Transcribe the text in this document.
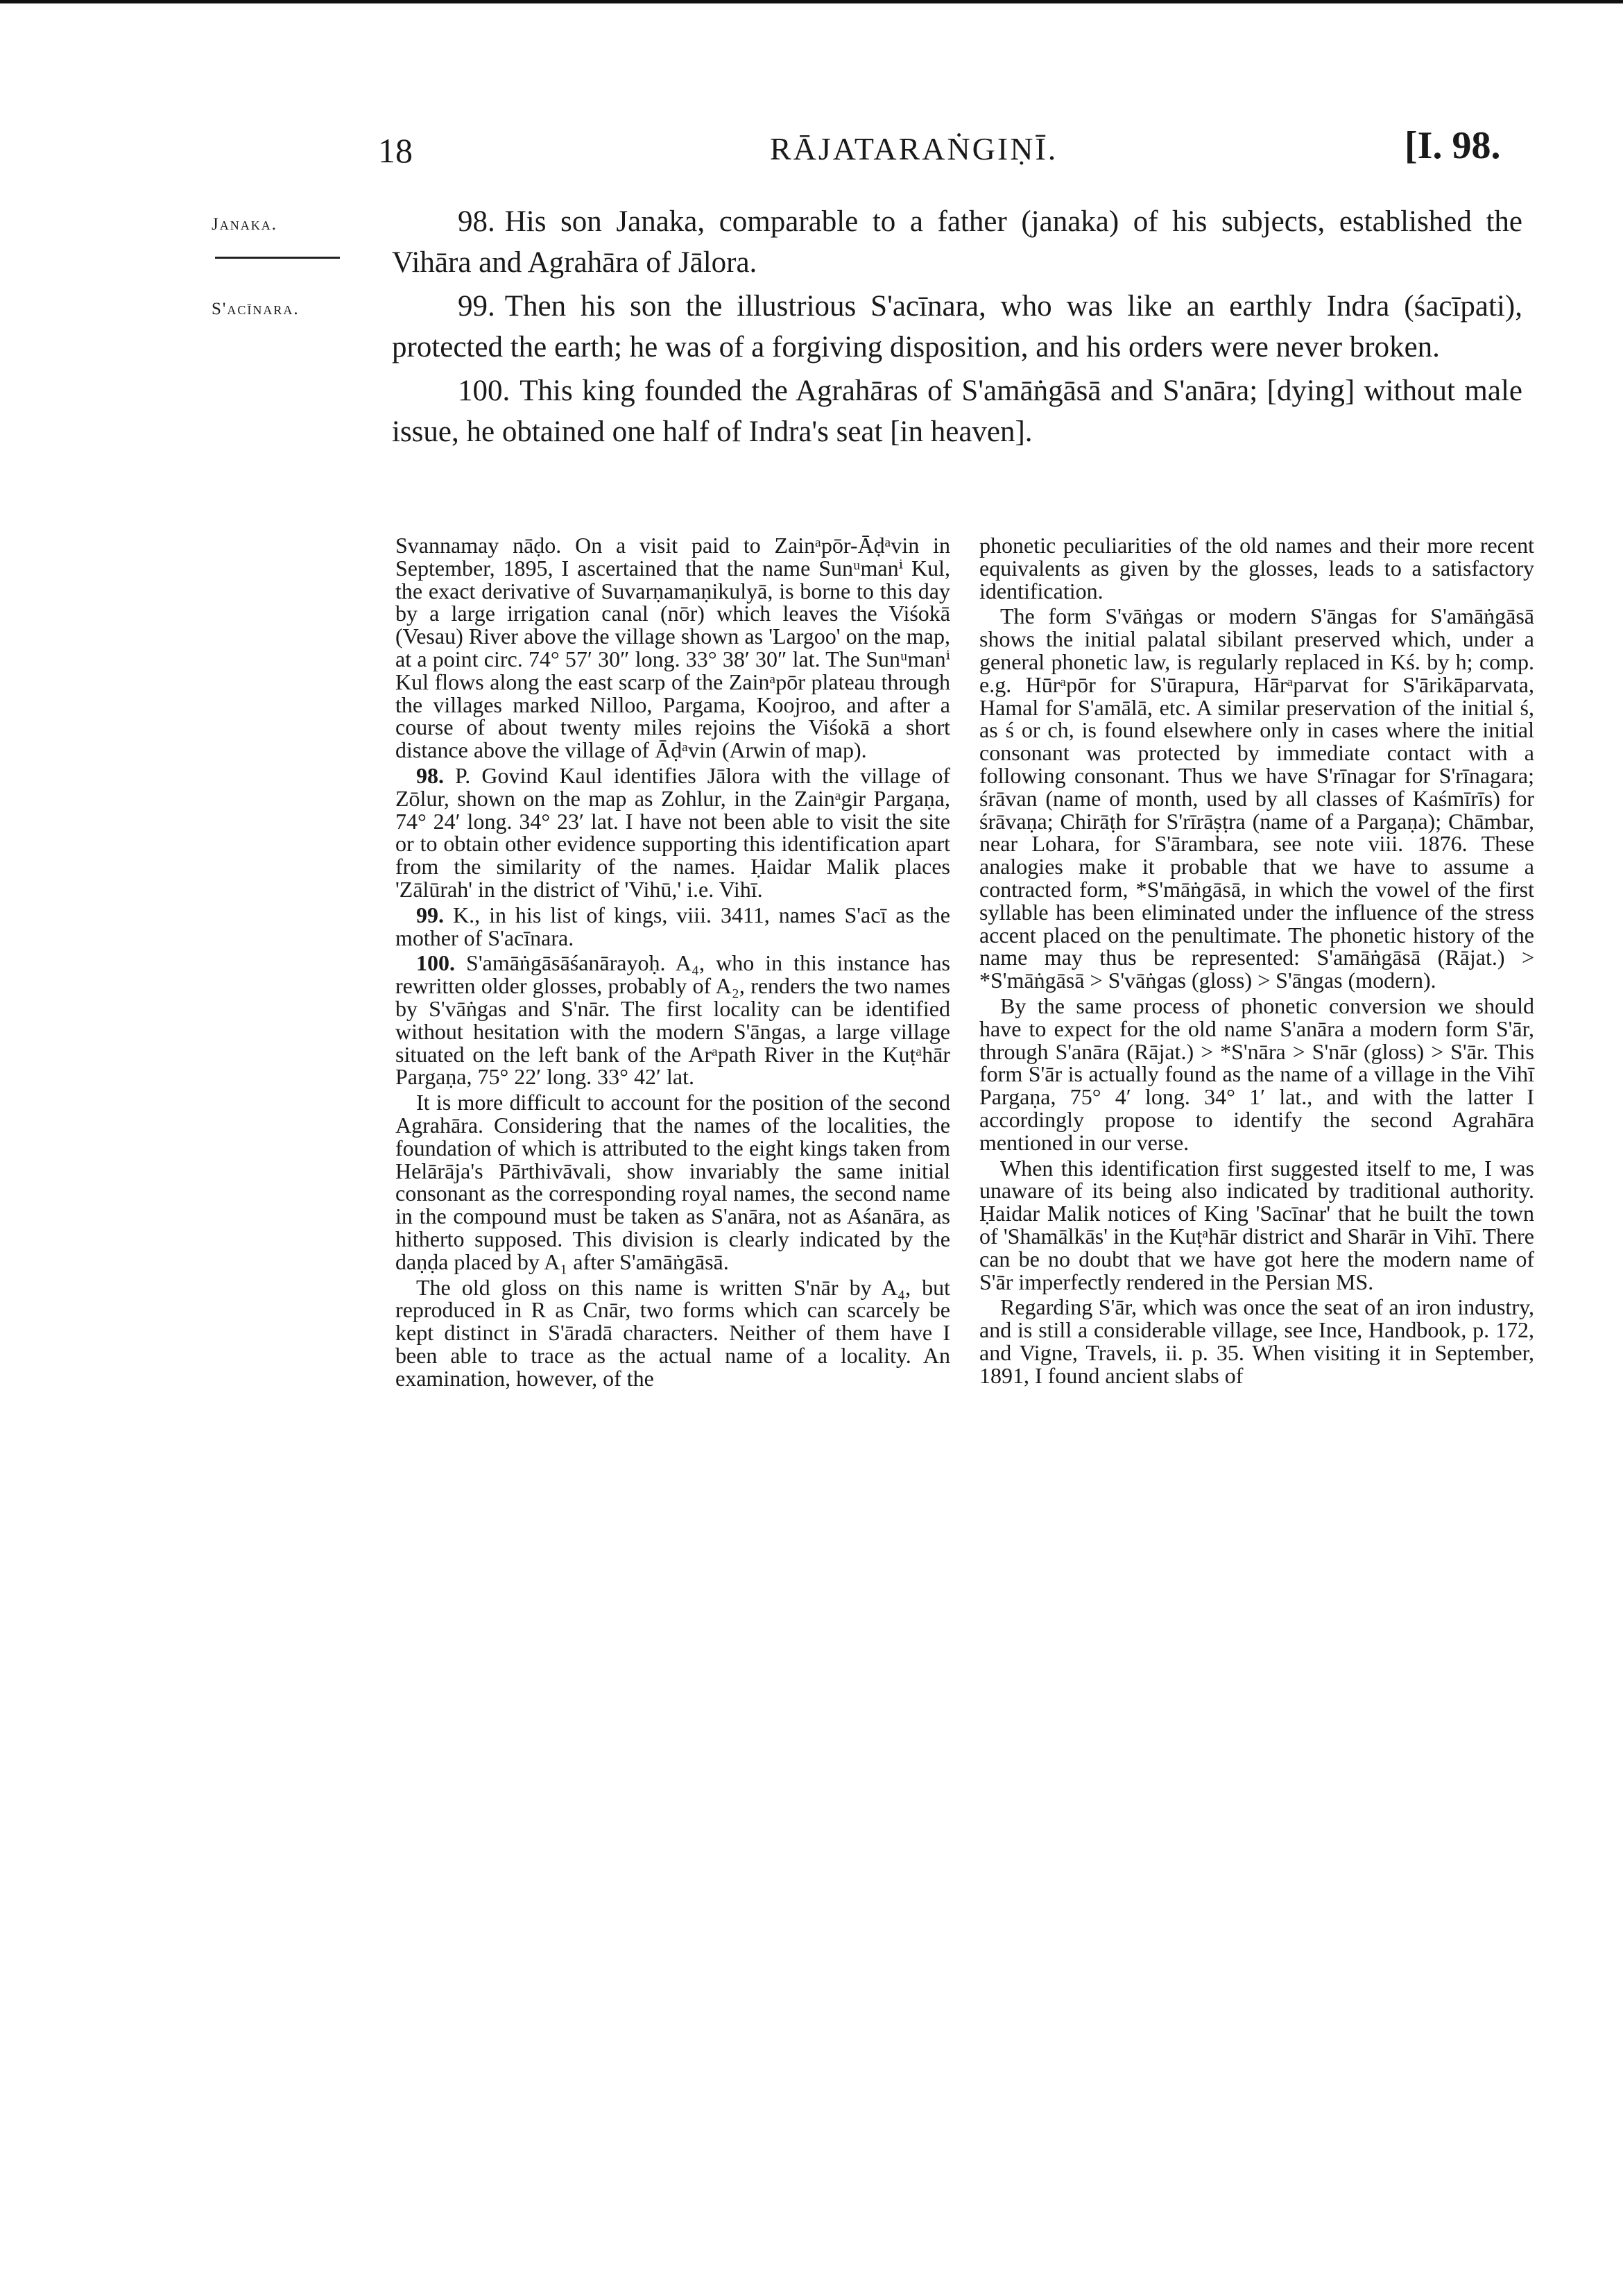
18	RĀJATARAṄGIṆĪ.	[I. 98.
Janaka.
S'acīnara.

98. His son Janaka, comparable to a father (janaka) of his subjects, established the Vihāra and Agrahāra of Jālora.

99. Then his son the illustrious S'acīnara, who was like an earthly Indra (śacīpati), protected the earth; he was of a forgiving disposition, and his orders were never broken.

100. This king founded the Agrahāras of S'amāṅgāsā and S'anāra; [dying] without male issue, he obtained one half of Indra's seat [in heaven].

Svannamay nāḍo. On a visit paid to Zainᵃpōr-Āḍᵃvin in September, 1895, I ascertained that the name Sunᵘmanⁱ Kul, the exact derivative of Suvarṇamaṇikulyā, is borne to this day by a large irrigation canal (nōr) which leaves the Viśokā (Vesau) River above the village shown as 'Largoo' on the map, at a point circ. 74° 57′ 30″ long. 33° 38′ 30″ lat. The Sunᵘmanⁱ Kul flows along the east scarp of the Zainᵃpōr plateau through the villages marked Nilloo, Pargama, Koojroo, and after a course of about twenty miles rejoins the Viśokā a short distance above the village of Āḍᵃvin (Arwin of map).

98. P. Govind Kaul identifies Jālora with the village of Zōlur, shown on the map as Zohlur, in the Zainᵃgir Pargaṇa, 74° 24′ long. 34° 23′ lat. I have not been able to visit the site or to obtain other evidence supporting this identification apart from the similarity of the names. Ḥaidar Malik places 'Zālūrah' in the district of 'Vihū,' i.e. Vihī.

99. K., in his list of kings, viii. 3411, names S'acī as the mother of S'acīnara.

100. S'amāṅgāsāśanārayoḥ. A₄, who in this instance has rewritten older glosses, probably of A₂, renders the two names by S'vāṅgas and S'nār. The first locality can be identified without hesitation with the modern S'āngas, a large village situated on the left bank of the Arᵃpath River in the Kuṭᵃhār Pargaṇa, 75° 22′ long. 33° 42′ lat.

It is more difficult to account for the position of the second Agrahāra. Considering that the names of the localities, the foundation of which is attributed to the eight kings taken from Helārāja's Pārthivāvali, show invariably the same initial consonant as the corresponding royal names, the second name in the compound must be taken as S'anāra, not as Aśanāra, as hitherto supposed. This division is clearly indicated by the daṇḍa placed by A₁ after S'amāṅgāsā.

The old gloss on this name is written S'nār by A₄, but reproduced in R as Cnār, two forms which can scarcely be kept distinct in S'āradā characters. Neither of them have I been able to trace as the actual name of a locality. An examination, however, of the

phonetic peculiarities of the old names and their more recent equivalents as given by the glosses, leads to a satisfactory identification.

The form S'vāṅgas or modern S'āngas for S'amāṅgāsā shows the initial palatal sibilant preserved which, under a general phonetic law, is regularly replaced in Kś. by h; comp. e.g. Hūrᵃpōr for S'ūrapura, Hārᵃparvat for S'ārikāparvata, Hamal for S'amālā, etc. A similar preservation of the initial ś, as ś or ch, is found elsewhere only in cases where the initial consonant was protected by immediate contact with a following consonant. Thus we have S'rīnagar for S'rīnagara; śrāvan (name of month, used by all classes of Kaśmīrīs) for śrāvaṇa; Chirāṭh for S'rīrāṣṭra (name of a Pargaṇa); Chāmbar, near Lohara, for S'ārambara, see note viii. 1876. These analogies make it probable that we have to assume a contracted form, *S'māṅgāsā, in which the vowel of the first syllable has been eliminated under the influence of the stress accent placed on the penultimate. The phonetic history of the name may thus be represented: S'amāṅgāsā (Rājat.) > *S'māṅgāsā > S'vāṅgas (gloss) > S'āngas (modern).

By the same process of phonetic conversion we should have to expect for the old name S'anāra a modern form S'ār, through S'anāra (Rājat.) > *S'nāra > S'nār (gloss) > S'ār. This form S'ār is actually found as the name of a village in the Vihī Pargaṇa, 75° 4′ long. 34° 1′ lat., and with the latter I accordingly propose to identify the second Agrahāra mentioned in our verse.

When this identification first suggested itself to me, I was unaware of its being also indicated by traditional authority. Ḥaidar Malik notices of King 'Sacīnar' that he built the town of 'Shamālkās' in the Kuṭᵃhār district and Sharār in Vihī. There can be no doubt that we have got here the modern name of S'ār imperfectly rendered in the Persian MS.

Regarding S'ār, which was once the seat of an iron industry, and is still a considerable village, see Ince, Handbook, p. 172, and Vigne, Travels, ii. p. 35. When visiting it in September, 1891, I found ancient slabs of
